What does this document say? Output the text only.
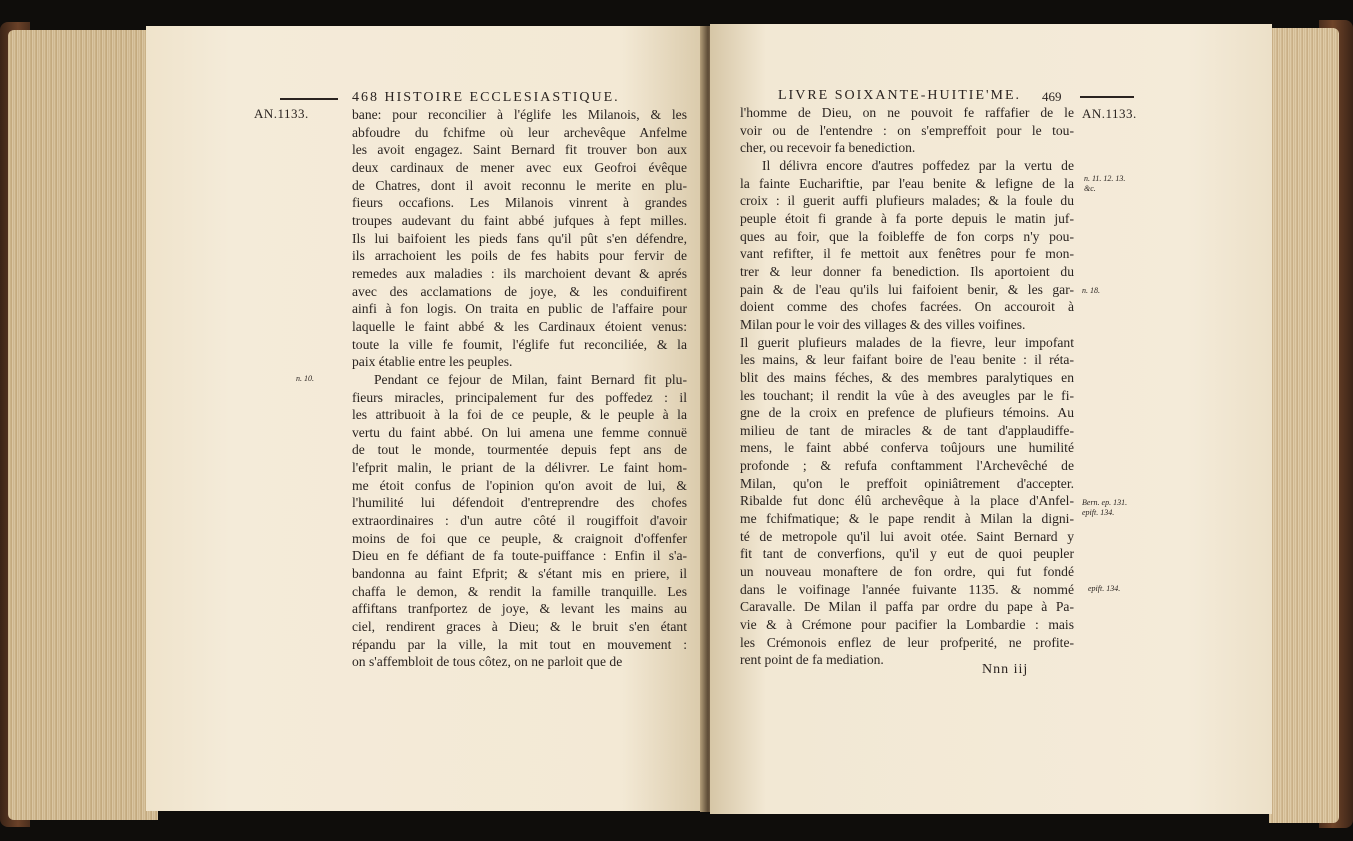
468 HISTOIRE ECCLESIASTIQUE.
AN.1133.
n. 10.
bane: pour reconcilier à l'églife les Milanois, & les
abfoudre du fchifme où leur archevêque Anfelme
les avoit engagez. Saint Bernard fit trouver bon aux
deux cardinaux de mener avec eux Geofroi évêque
de Chatres, dont il avoit reconnu le merite en plu-
fieurs occafions. Les Milanois vinrent à grandes
troupes audevant du faint abbé jufques à fept milles.
Ils lui baifoient les pieds fans qu'il pût s'en défendre,
ils arrachoient les poils de fes habits pour fervir de
remedes aux maladies : ils marchoient devant & aprés
avec des acclamations de joye, & les conduifirent
ainfi à fon logis. On traita en public de l'affaire pour
laquelle le faint abbé & les Cardinaux étoient venus:
toute la ville fe foumit, l'églife fut reconciliée, & la
paix établie entre les peuples.
Pendant ce fejour de Milan, faint Bernard fit plu-
fieurs miracles, principalement fur des poffedez : il
les attribuoit à la foi de ce peuple, & le peuple à la
vertu du faint abbé. On lui amena une femme connuë
de tout le monde, tourmentée depuis fept ans de
l'efprit malin, le priant de la délivrer. Le faint hom-
me étoit confus de l'opinion qu'on avoit de lui, &
l'humilité lui défendoit d'entreprendre des chofes
extraordinaires : d'un autre côté il rougiffoit d'avoir
moins de foi que ce peuple, & craignoit d'offenfer
Dieu en fe défiant de fa toute-puiffance : Enfin il s'a-
bandonna au faint Efprit; & s'étant mis en priere, il
chaffa le demon, & rendit la famille tranquille. Les
affiftans tranfportez de joye, & levant les mains au
ciel, rendirent graces à Dieu; & le bruit s'en étant
répandu par la ville, la mit tout en mouvement :
on s'affembloit de tous côtez, on ne parloit que de
LIVRE SOIXANTE-HUITIE'ME. 469
AN.1133.
n. 11. 12. 13.
&c.
n. 18.
Bern. ep. 131.
epift. 134.
epift. 134.
l'homme de Dieu, on ne pouvoit fe raffafier de le
voir ou de l'entendre : on s'empreffoit pour le tou-
cher, ou recevoir fa benediction.
Il délivra encore d'autres poffedez par la vertu de
la fainte Euchariftie, par l'eau benite & lefigne de la
croix : il guerit auffi plufieurs malades; & la foule du
peuple étoit fi grande à fa porte depuis le matin juf-
ques au foir, que la foibleffe de fon corps n'y pou-
vant refifter, il fe mettoit aux fenêtres pour fe mon-
trer & leur donner fa benediction. Ils aportoient du
pain & de l'eau qu'ils lui faifoient benir, & les gar-
doient comme des chofes facrées. On accouroit à
Milan pour le voir des villages & des villes voifines.
Il guerit plufieurs malades de la fievre, leur impofant
les mains, & leur faifant boire de l'eau benite : il réta-
blit des mains féches, & des membres paralytiques en
les touchant; il rendit la vûe à des aveugles par le fi-
gne de la croix en prefence de plufieurs témoins. Au
milieu de tant de miracles & de tant d'applaudiffe-
mens, le faint abbé conferva toûjours une humilité
profonde ; & refufa conftamment l'Archevêché de
Milan, qu'on le preffoit opiniâtrement d'accepter.
Ribalde fut donc élû archevêque à la place d'Anfel-
me fchifmatique; & le pape rendit à Milan la digni-
té de metropole qu'il lui avoit otée. Saint Bernard y
fit tant de converfions, qu'il y eut de quoi peupler
un nouveau monaftere de fon ordre, qui fut fondé
dans le voifinage l'année fuivante 1135. & nommé
Caravalle. De Milan il paffa par ordre du pape à Pa-
vie & à Crémone pour pacifier la Lombardie : mais
les Crémonois enflez de leur profperité, ne profite-
rent point de fa mediation.
Nnn iij
